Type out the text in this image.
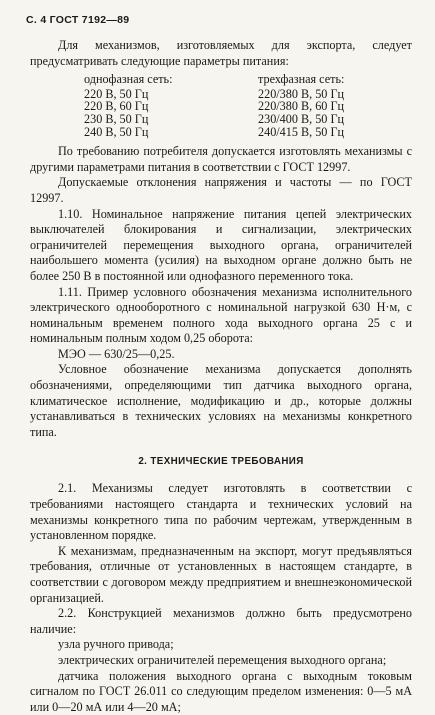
С. 4 ГОСТ 7192—89

Для механизмов, изготовляемых для экспорта, следует предусматривать следующие параметры питания:

однофазная сеть:	трехфазная сеть:
220 В, 50 Гц	220/380 В, 50 Гц
220 В, 60 Гц	220/380 В, 60 Гц
230 В, 50 Гц	230/400 В, 50 Гц
240 В, 50 Гц	240/415 В, 50 Гц

По требованию потребителя допускается изготовлять механизмы с другими параметрами питания в соответствии с ГОСТ 12997.

Допускаемые отклонения напряжения и частоты — по ГОСТ 12997.

1.10. Номинальное напряжение питания цепей электрических выключателей блокирования и сигнализации, электрических ограничителей перемещения выходного органа, ограничителей наибольшего момента (усилия) на выходном органе должно быть не более 250 В в постоянной или однофазного переменного тока.

1.11. Пример условного обозначения механизма исполнительного электрического однооборотного с номинальной нагрузкой 630 Н·м, с номинальным временем полного хода выходного органа 25 с и номинальным полным ходом 0,25 оборота:

МЭО — 630/25—0,25.

Условное обозначение механизма допускается дополнять обозначениями, определяющими тип датчика выходного органа, климатическое исполнение, модификацию и др., которые должны устанавливаться в технических условиях на механизмы конкретного типа.

2. ТЕХНИЧЕСКИЕ ТРЕБОВАНИЯ

2.1. Механизмы следует изготовлять в соответствии с требованиями настоящего стандарта и технических условий на механизмы конкретного типа по рабочим чертежам, утвержденным в установленном порядке.

К механизмам, предназначенным на экспорт, могут предъявляться требования, отличные от установленных в настоящем стандарте, в соответствии с договором между предприятием и внешнеэкономической организацией.

2.2. Конструкцией механизмов должно быть предусмотрено наличие:

узла ручного привода;

электрических ограничителей перемещения выходного органа;

датчика положения выходного органа с выходным токовым сигналом по ГОСТ 26.011 со следующим пределом изменения: 0—5 мА или 0—20 мА или 4—20 мА;
